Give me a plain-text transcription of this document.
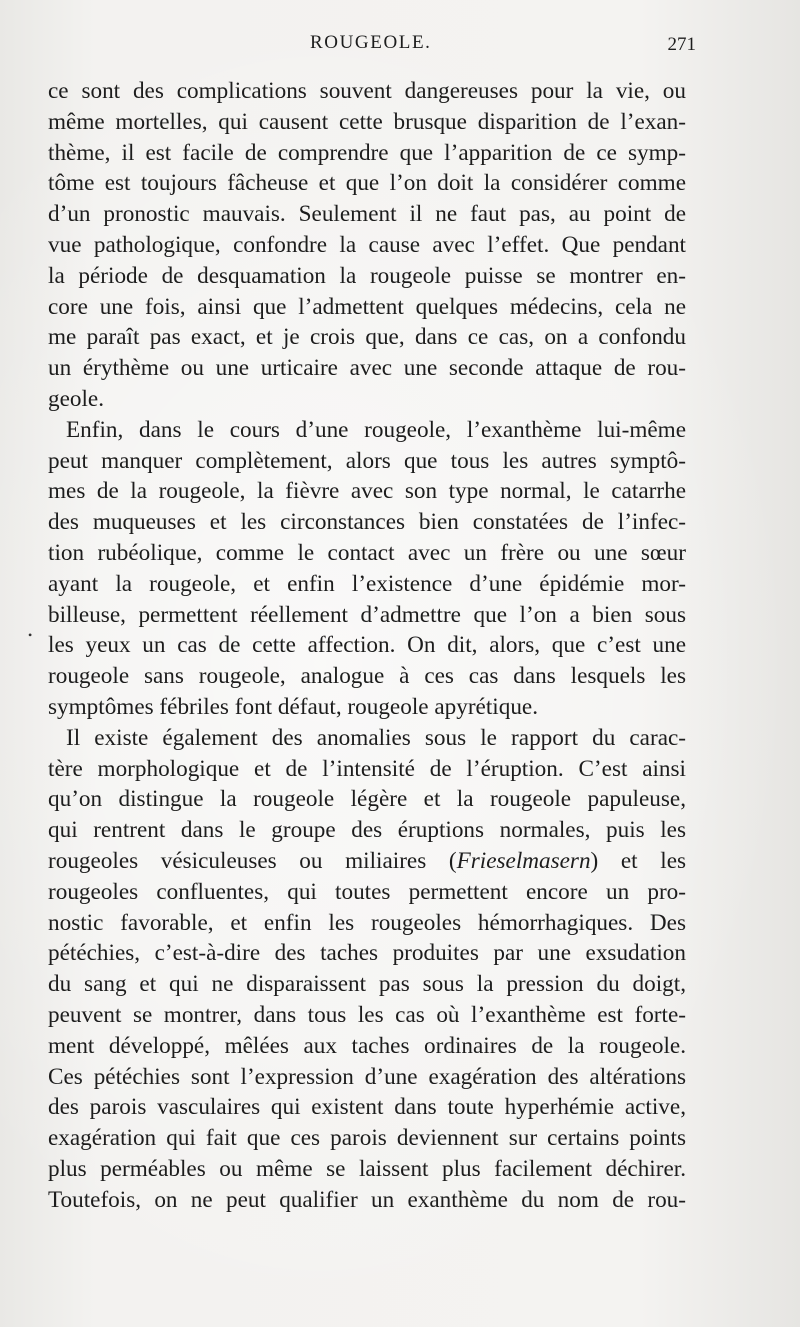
ROUGEOLE.	271
•
ce sont des complications souvent dangereuses pour la vie, ou
même mortelles, qui causent cette brusque disparition de l’exan-
thème, il est facile de comprendre que l’apparition de ce symp-
tôme est toujours fâcheuse et que l’on doit la considérer comme
d’un pronostic mauvais. Seulement il ne faut pas, au point de
vue pathologique, confondre la cause avec l’effet. Que pendant
la période de desquamation la rougeole puisse se montrer en-
core une fois, ainsi que l’admettent quelques médecins, cela ne
me paraît pas exact, et je crois que, dans ce cas, on a confondu
un érythème ou une urticaire avec une seconde attaque de rou-
geole.
Enfin, dans le cours d’une rougeole, l’exanthème lui-même
peut manquer complètement, alors que tous les autres symptô-
mes de la rougeole, la fièvre avec son type normal, le catarrhe
des muqueuses et les circonstances bien constatées de l’infec-
tion rubéolique, comme le contact avec un frère ou une sœur
ayant la rougeole, et enfin l’existence d’une épidémie mor-
billeuse, permettent réellement d’admettre que l’on a bien sous
les yeux un cas de cette affection. On dit, alors, que c’est une
rougeole sans rougeole, analogue à ces cas dans lesquels les
symptômes fébriles font défaut, rougeole apyrétique.
Il existe également des anomalies sous le rapport du carac-
tère morphologique et de l’intensité de l’éruption. C’est ainsi
qu’on distingue la rougeole légère et la rougeole papuleuse,
qui rentrent dans le groupe des éruptions normales, puis les
rougeoles vésiculeuses ou miliaires (Frieselmasern) et les
rougeoles confluentes, qui toutes permettent encore un pro-
nostic favorable, et enfin les rougeoles hémorrhagiques. Des
pétéchies, c’est-à-dire des taches produites par une exsudation
du sang et qui ne disparaissent pas sous la pression du doigt,
peuvent se montrer, dans tous les cas où l’exanthème est forte-
ment développé, mêlées aux taches ordinaires de la rougeole.
Ces pétéchies sont l’expression d’une exagération des altérations
des parois vasculaires qui existent dans toute hyperhémie active,
exagération qui fait que ces parois deviennent sur certains points
plus perméables ou même se laissent plus facilement déchirer.
Toutefois, on ne peut qualifier un exanthème du nom de rou-
